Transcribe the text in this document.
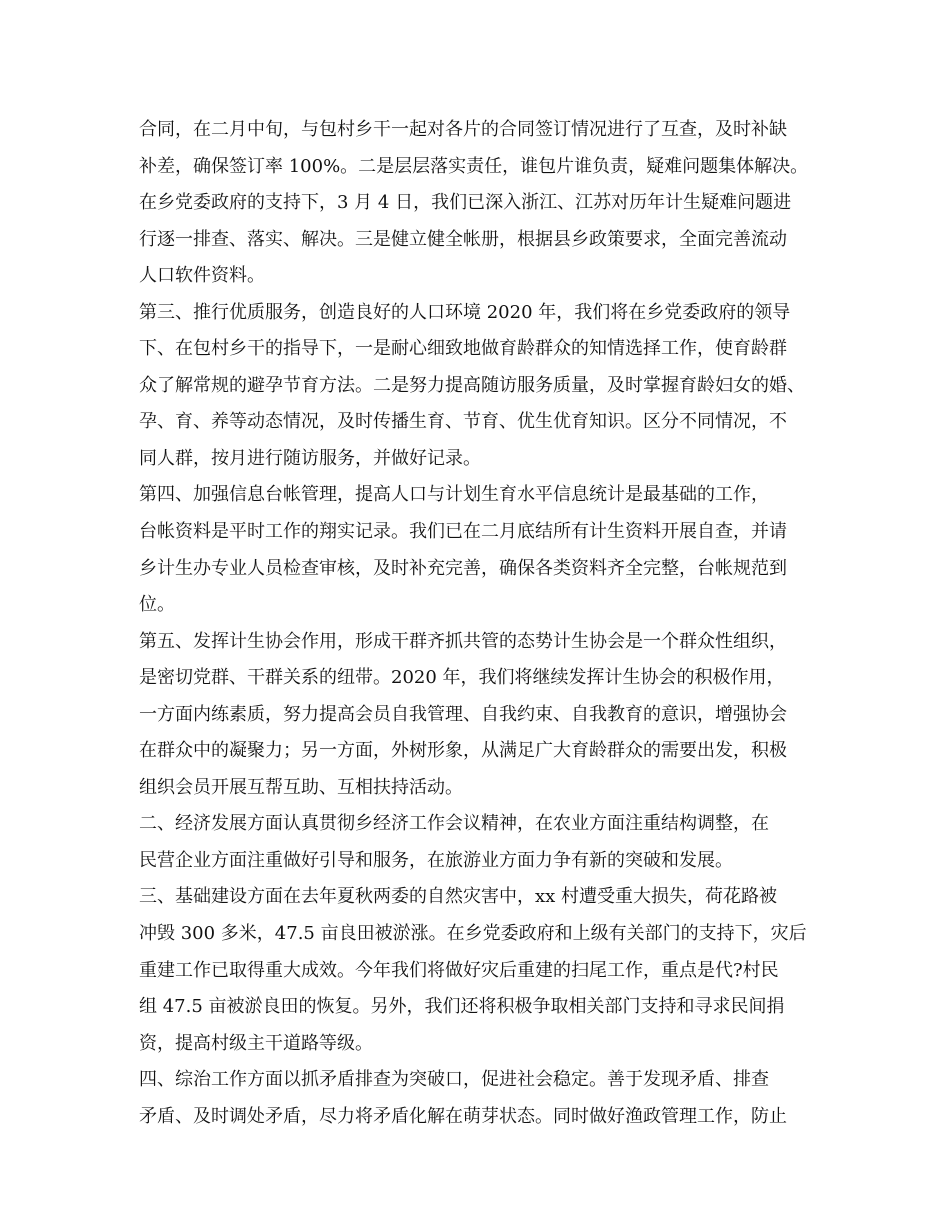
合同，在二月中旬，与包村乡干一起对各片的合同签订情况进行了互查，及时补缺
补差，确保签订率 100%。二是层层落实责任，谁包片谁负责，疑难问题集体解决。
在乡党委政府的支持下，3 月 4 日，我们已深入浙江、江苏对历年计生疑难问题进
行逐一排查、落实、解决。三是健立健全帐册，根据县乡政策要求，全面完善流动
人口软件资料。
第三、推行优质服务，创造良好的人口环境 2020 年，我们将在乡党委政府的领导
下、在包村乡干的指导下，一是耐心细致地做育龄群众的知情选择工作，使育龄群
众了解常规的避孕节育方法。二是努力提高随访服务质量，及时掌握育龄妇女的婚、
孕、育、养等动态情况，及时传播生育、节育、优生优育知识。区分不同情况，不
同人群，按月进行随访服务，并做好记录。
第四、加强信息台帐管理，提高人口与计划生育水平信息统计是最基础的工作，
台帐资料是平时工作的翔实记录。我们已在二月底结所有计生资料开展自查，并请
乡计生办专业人员检查审核，及时补充完善，确保各类资料齐全完整，台帐规范到
位。
第五、发挥计生协会作用，形成干群齐抓共管的态势计生协会是一个群众性组织，
是密切党群、干群关系的纽带。2020 年，我们将继续发挥计生协会的积极作用，
一方面内练素质，努力提高会员自我管理、自我约束、自我教育的意识，增强协会
在群众中的凝聚力；另一方面，外树形象，从满足广大育龄群众的需要出发，积极
组织会员开展互帮互助、互相扶持活动。
二、经济发展方面认真贯彻乡经济工作会议精神，在农业方面注重结构调整，在
民营企业方面注重做好引导和服务，在旅游业方面力争有新的突破和发展。
三、基础建设方面在去年夏秋两委的自然灾害中，xx 村遭受重大损失，荷花路被
冲毁 300 多米，47.5 亩良田被淤涨。在乡党委政府和上级有关部门的支持下，灾后
重建工作已取得重大成效。今年我们将做好灾后重建的扫尾工作，重点是代?村民
组 47.5 亩被淤良田的恢复。另外，我们还将积极争取相关部门支持和寻求民间捐
资，提高村级主干道路等级。
四、综治工作方面以抓矛盾排查为突破口，促进社会稳定。善于发现矛盾、排查
矛盾、及时调处矛盾，尽力将矛盾化解在萌芽状态。同时做好渔政管理工作，防止
